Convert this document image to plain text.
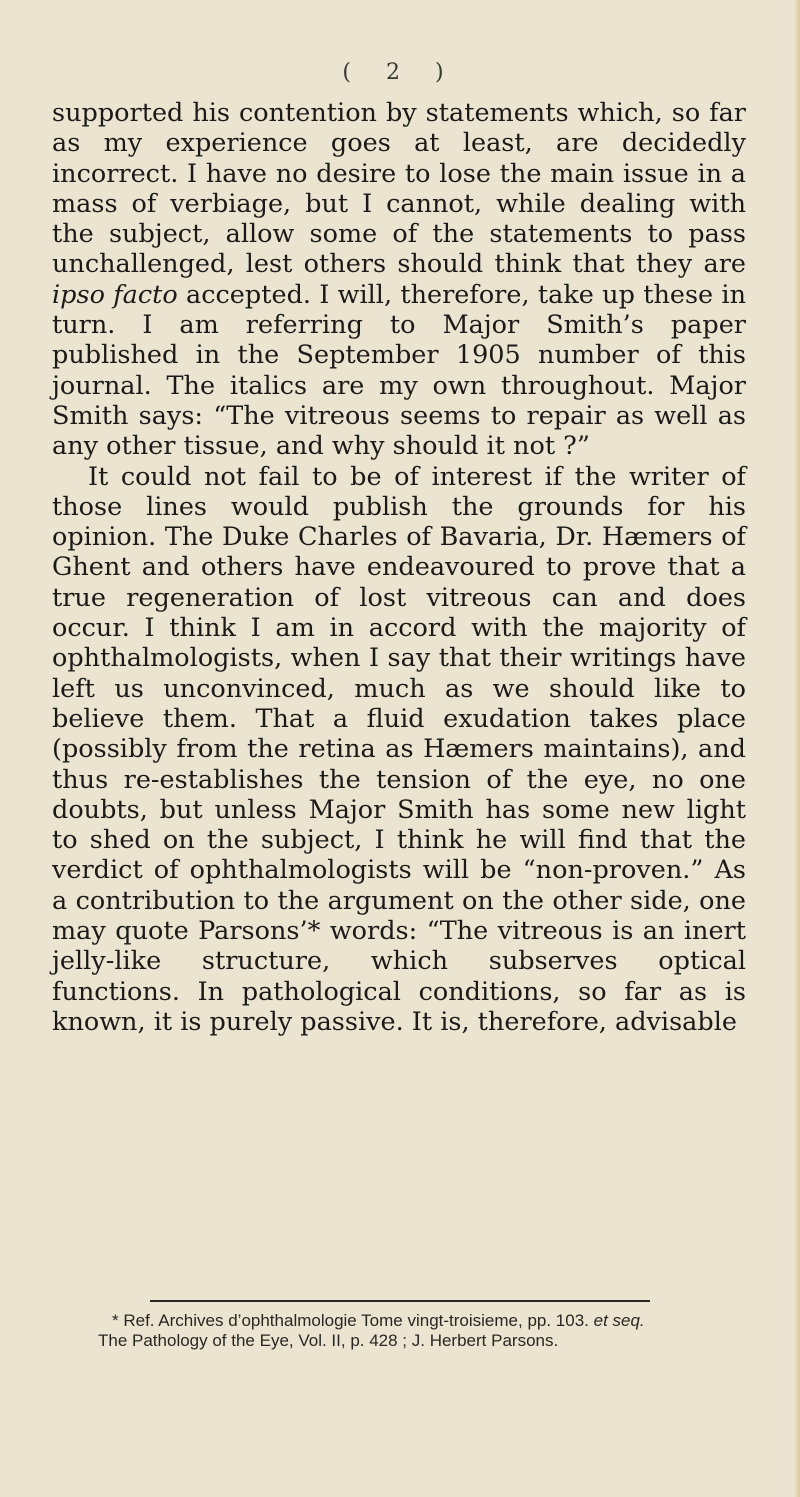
( 2 )

supported his contention by statements which, so far as my experience goes at least, are decidedly incorrect. I have no desire to lose the main issue in a mass of verbiage, but I cannot, while dealing with the subject, allow some of the statements to pass unchallenged, lest others should think that they are ipso facto accepted. I will, therefore, take up these in turn. I am referring to Major Smith’s paper published in the September 1905 number of this journal. The italics are my own throughout. Major Smith says: “The vitreous seems to repair as well as any other tissue, and why should it not ?”

It could not fail to be of interest if the writer of those lines would publish the grounds for his opinion. The Duke Charles of Bavaria, Dr. Hæmers of Ghent and others have endeavoured to prove that a true regeneration of lost vitreous can and does occur. I think I am in accord with the majority of ophthalmologists, when I say that their writings have left us unconvinced, much as we should like to believe them. That a fluid exudation takes place (possibly from the retina as Hæmers maintains), and thus re-establishes the tension of the eye, no one doubts, but unless Major Smith has some new light to shed on the subject, I think he will find that the verdict of ophthalmologists will be “non-proven.” As a contribution to the argument on the other side, one may quote Parsons’* words: “The vitreous is an inert jelly-like structure, which subserves optical functions. In pathological conditions, so far as is known, it is purely passive. It is, therefore, advisable

* Ref. Archives d’ophthalmologie Tome vingt-troisieme, pp. 103. et seq.

The Pathology of the Eye, Vol. II, p. 428 ; J. Herbert Parsons.
